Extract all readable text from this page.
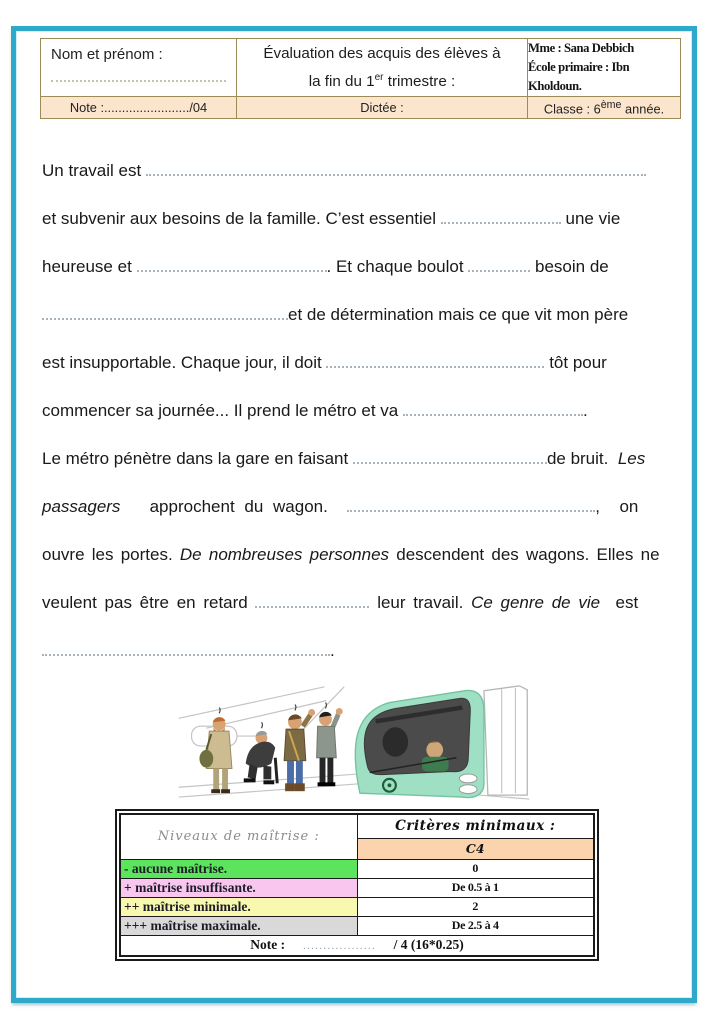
Nom et prénom :	Évaluation des acquis des élèves à
la fin du 1er trimestre :	Mme : Sana Debbich
École primaire : Ibn Kholdoun.
Note :......................../04	Dictée :	Classe : 6ème année.
Un travail est
et subvenir aux besoins de la famille. C’est essentiel	une vie
heureuse et	. Et chaque boulot	besoin de
et de détermination mais ce que vit mon père
est insupportable. Chaque jour, il doit	tôt pour
commencer sa journée... Il prend le métro et va	.
Le métro pénètre dans la gare en faisant	de bruit.  Les
passagers   approchent du wagon.	,  on
ouvre les portes. De nombreuses personnes descendent des wagons. Elles ne
veulent pas être en retard	leur travail. Ce genre de vie  est
.
Niveaux de maîtrise :	Critères minimaux :
	C4
- aucune maîtrise.	0
+ maîtrise insuffisante.	De 0.5 à 1
++ maîtrise minimale.	2
+++ maîtrise maximale.	De 2.5 à 4
Note : .................. / 4 (16*0.25)	
